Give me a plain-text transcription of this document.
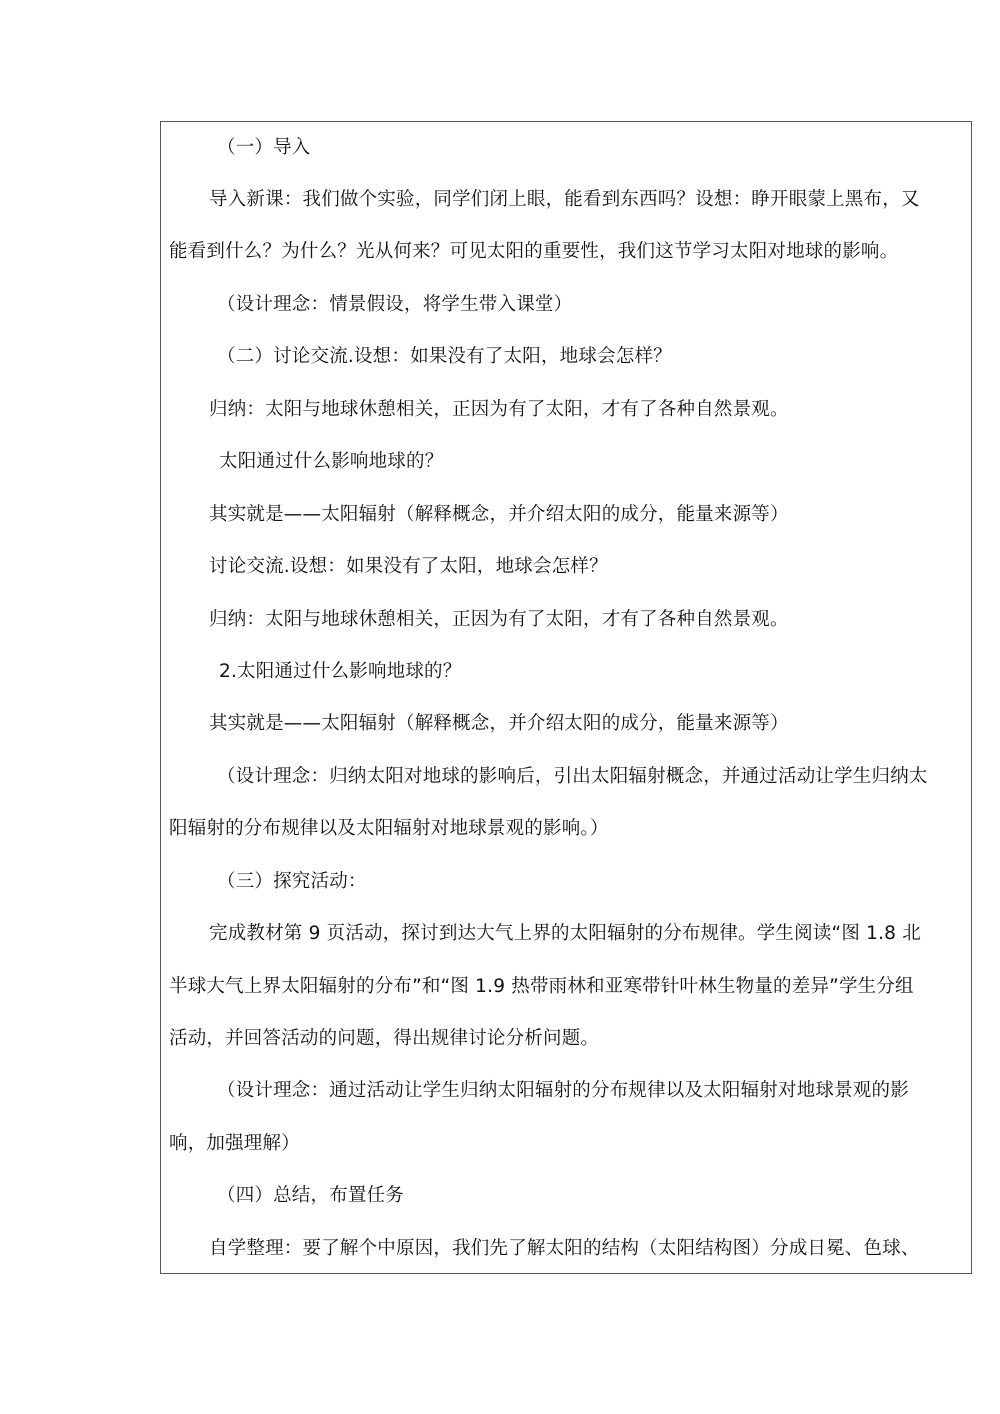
（一）导入
导入新课：我们做个实验，同学们闭上眼，能看到东西吗？设想：睁开眼蒙上黑布，又
能看到什么？为什么？光从何来？可见太阳的重要性，我们这节学习太阳对地球的影响。
（设计理念：情景假设，将学生带入课堂）
（二）讨论交流.设想：如果没有了太阳，地球会怎样？
归纳：太阳与地球休憩相关，正因为有了太阳，才有了各种自然景观。
太阳通过什么影响地球的？
其实就是——太阳辐射（解释概念，并介绍太阳的成分，能量来源等）
讨论交流.设想：如果没有了太阳，地球会怎样？
归纳：太阳与地球休憩相关，正因为有了太阳，才有了各种自然景观。
2.太阳通过什么影响地球的？
其实就是——太阳辐射（解释概念，并介绍太阳的成分，能量来源等）
（设计理念：归纳太阳对地球的影响后，引出太阳辐射概念，并通过活动让学生归纳太
阳辐射的分布规律以及太阳辐射对地球景观的影响。）
（三）探究活动：
完成教材第 9 页活动，探讨到达大气上界的太阳辐射的分布规律。学生阅读“图 1.8 北
半球大气上界太阳辐射的分布”和“图 1.9 热带雨林和亚寒带针叶林生物量的差异”学生分组
活动，并回答活动的问题，得出规律讨论分析问题。
（设计理念：通过活动让学生归纳太阳辐射的分布规律以及太阳辐射对地球景观的影
响，加强理解）
（四）总结，布置任务
自学整理：要了解个中原因，我们先了解太阳的结构（太阳结构图）分成日冕、色球、
